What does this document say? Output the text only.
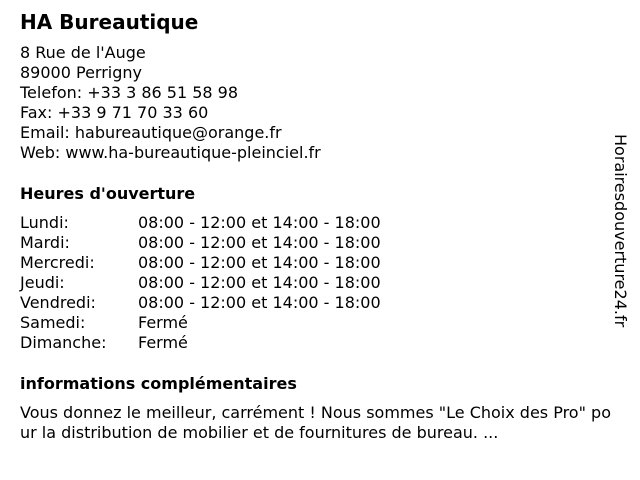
HA Bureautique
8 Rue de l'Auge
89000 Perrigny
Telefon: +33 3 86 51 58 98
Fax: +33 9 71 70 33 60
Email: habureautique@orange.fr
Web: www.ha-bureautique-pleinciel.fr
Heures d'ouverture
Lundi:	08:00 - 12:00 et 14:00 - 18:00
Mardi:	08:00 - 12:00 et 14:00 - 18:00
Mercredi:	08:00 - 12:00 et 14:00 - 18:00
Jeudi:	08:00 - 12:00 et 14:00 - 18:00
Vendredi:	08:00 - 12:00 et 14:00 - 18:00
Samedi:	Fermé
Dimanche:	Fermé
informations complémentaires
Vous donnez le meilleur, carrément ! Nous sommes "Le Choix des Pro" pour la distribution de mobilier et de fournitures de bureau. ...
Horairesdouverture24.fr
